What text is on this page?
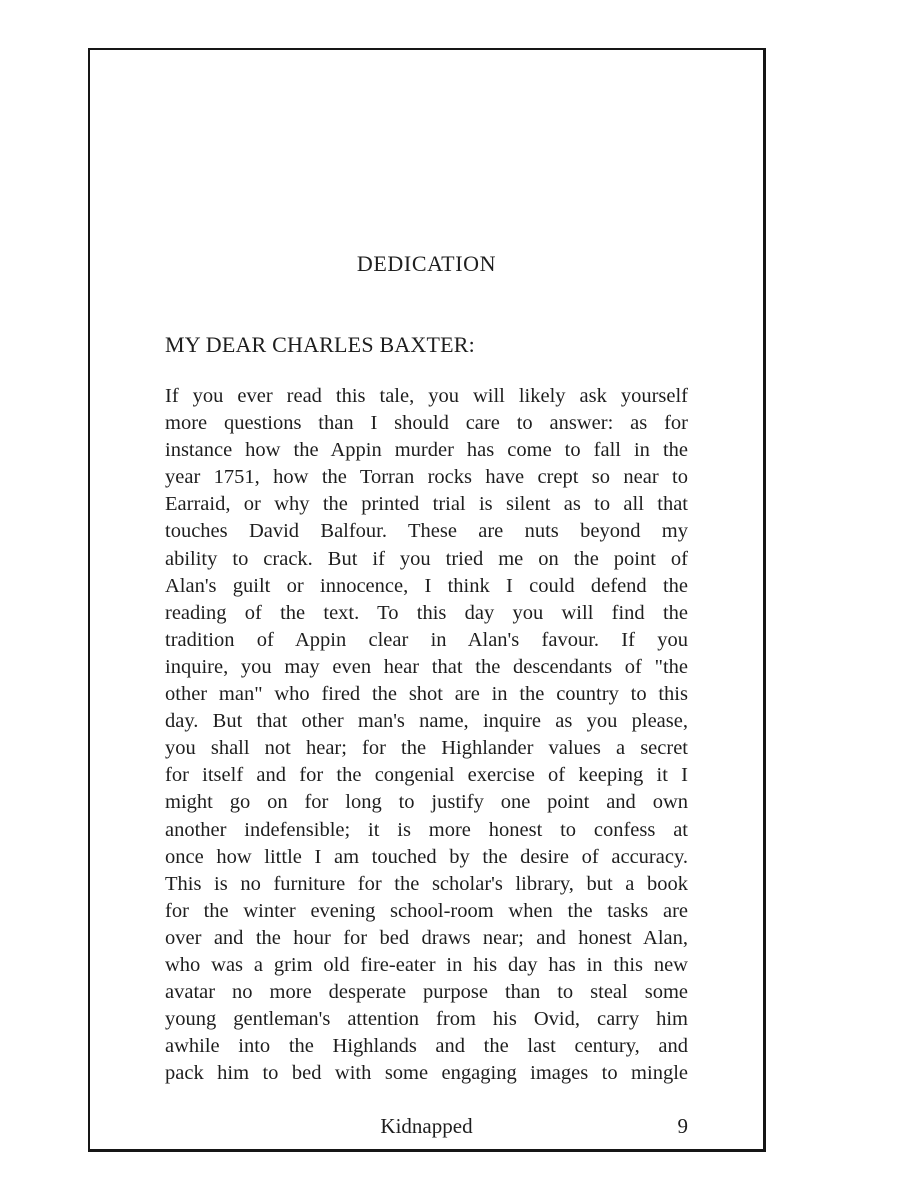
DEDICATION

MY DEAR CHARLES BAXTER:

If you ever read this tale, you will likely ask yourself
more questions than I should care to answer: as for
instance how the Appin murder has come to fall in the
year 1751, how the Torran rocks have crept so near to
Earraid, or why the printed trial is silent as to all that
touches David Balfour. These are nuts beyond my
ability to crack. But if you tried me on the point of
Alan's guilt or innocence, I think I could defend the
reading of the text. To this day you will find the
tradition of Appin clear in Alan's favour. If you
inquire, you may even hear that the descendants of "the
other man" who fired the shot are in the country to this
day. But that other man's name, inquire as you please,
you shall not hear; for the Highlander values a secret
for itself and for the congenial exercise of keeping it I
might go on for long to justify one point and own
another indefensible; it is more honest to confess at
once how little I am touched by the desire of accuracy.
This is no furniture for the scholar's library, but a book
for the winter evening school-room when the tasks are
over and the hour for bed draws near; and honest Alan,
who was a grim old fire-eater in his day has in this new
avatar no more desperate purpose than to steal some
young gentleman's attention from his Ovid, carry him
awhile into the Highlands and the last century, and
pack him to bed with some engaging images to mingle
Kidnapped	9
